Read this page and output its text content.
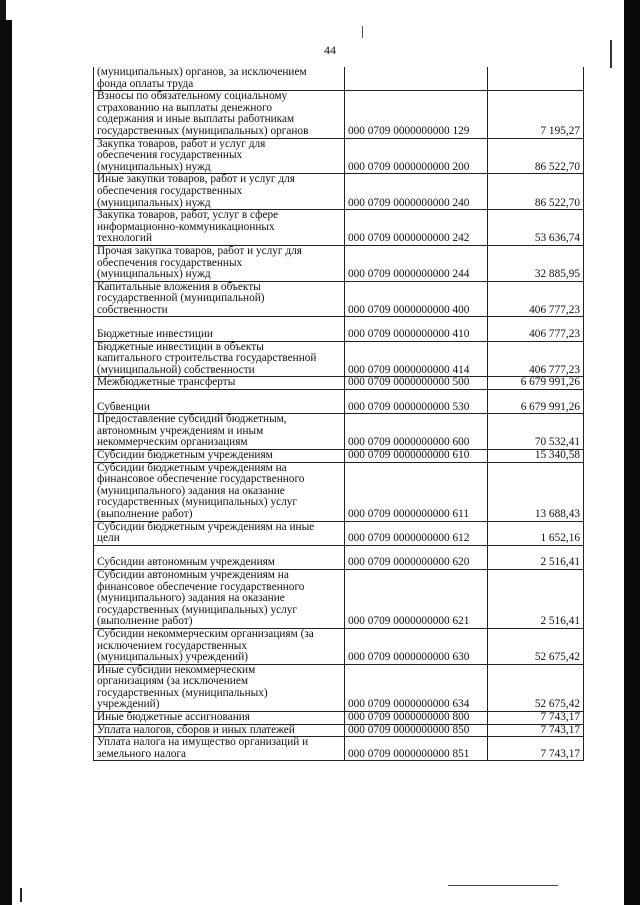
44
(муниципальных) органов, за исключением
фонда оплаты труда		
Взносы по обязательному социальному
страхованию на выплаты денежного
содержания и иные выплаты работникам
государственных (муниципальных) органов	000 0709 0000000000 129	7 195,27
Закупка товаров, работ и услуг для
обеспечения государственных
(муниципальных) нужд	000 0709 0000000000 200	86 522,70
Иные закупки товаров, работ и услуг для
обеспечения государственных
(муниципальных) нужд	000 0709 0000000000 240	86 522,70
Закупка товаров, работ, услуг в сфере
информационно-коммуникационных
технологий	000 0709 0000000000 242	53 636,74
Прочая закупка товаров, работ и услуг для
обеспечения государственных
(муниципальных) нужд	000 0709 0000000000 244	32 885,95
Капитальные вложения в объекты
государственной (муниципальной)
собственности	000 0709 0000000000 400	406 777,23

Бюджетные инвестиции	000 0709 0000000000 410	406 777,23
Бюджетные инвестиции в объекты
капитального строительства государственной
(муниципальной) собственности	000 0709 0000000000 414	406 777,23
Межбюджетные трансферты	000 0709 0000000000 500	6 679 991,26

Субвенции	000 0709 0000000000 530	6 679 991,26
Предоставление субсидий бюджетным,
автономным учреждениям и иным
некоммерческим организациям	000 0709 0000000000 600	70 532,41
Субсидии бюджетным учреждениям	000 0709 0000000000 610	15 340,58
Субсидии бюджетным учреждениям на
финансовое обеспечение государственного
(муниципального) задания на оказание
государственных (муниципальных) услуг
(выполнение работ)	000 0709 0000000000 611	13 688,43
Субсидии бюджетным учреждениям на иные
цели	000 0709 0000000000 612	1 652,16

Субсидии автономным учреждениям	000 0709 0000000000 620	2 516,41
Субсидии автономным учреждениям на
финансовое обеспечение государственного
(муниципального) задания на оказание
государственных (муниципальных) услуг
(выполнение работ)	000 0709 0000000000 621	2 516,41
Субсидии некоммерческим организациям (за
исключением государственных
(муниципальных) учреждений)	000 0709 0000000000 630	52 675,42
Иные субсидии некоммерческим
организациям (за исключением
государственных (муниципальных)
учреждений)	000 0709 0000000000 634	52 675,42
Иные бюджетные ассигнования	000 0709 0000000000 800	7 743,17
Уплата налогов, сборов и иных платежей	000 0709 0000000000 850	7 743,17
Уплата налога на имущество организаций и
земельного налога	000 0709 0000000000 851	7 743,17
